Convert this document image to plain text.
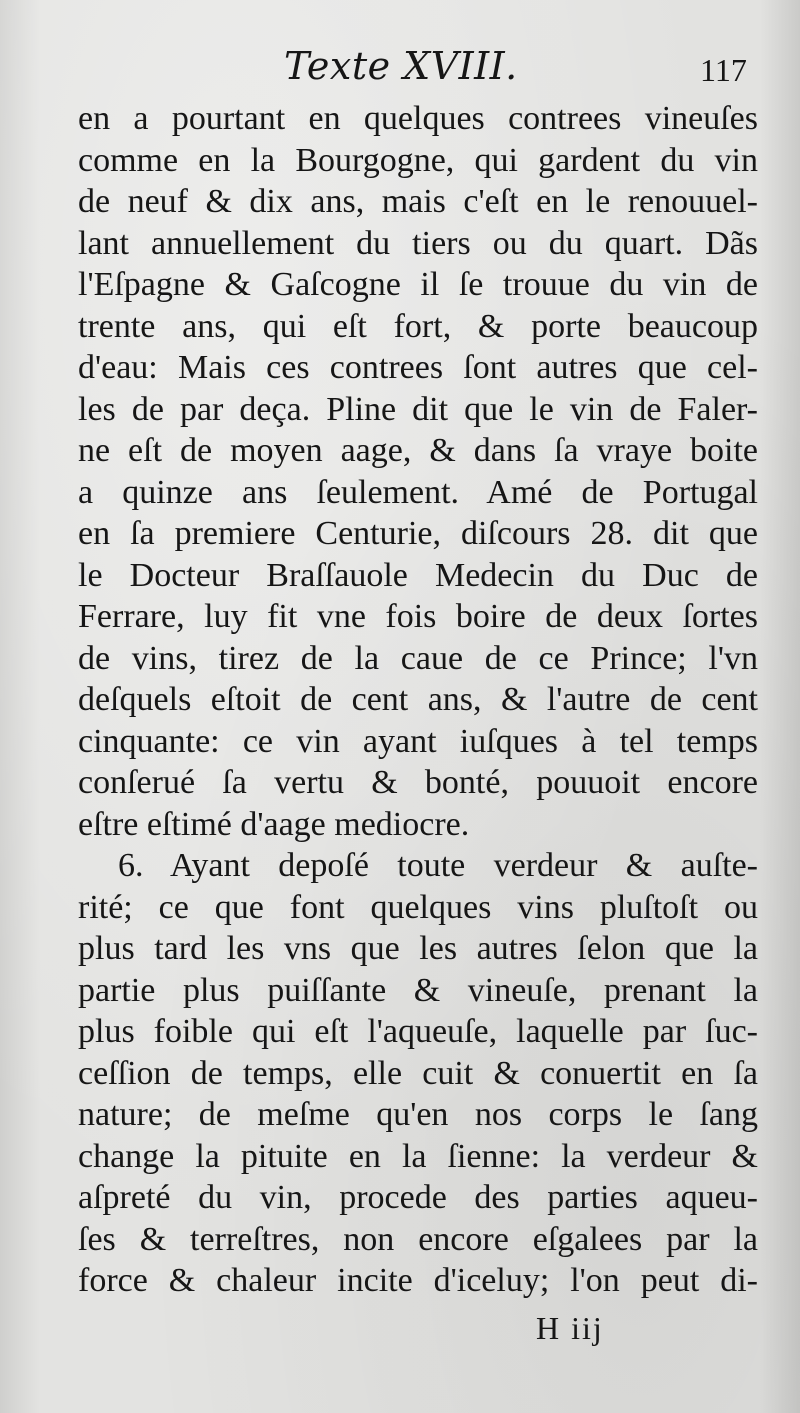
Texte XVIII.	117
en a pourtant en quelques contrees vineuſes
comme en la Bourgogne, qui gardent du vin
de neuf & dix ans, mais c'eſt en le renouuel-
lant annuellement du tiers ou du quart. Dãs
l'Eſpagne & Gaſcogne il ſe trouue du vin de
trente ans, qui eſt fort, & porte beaucoup
d'eau: Mais ces contrees ſont autres que cel-
les de par deça. Pline dit que le vin de Faler-
ne eſt de moyen aage, & dans ſa vraye boite
a quinze ans ſeulement. Amé de Portugal
en ſa premiere Centurie, diſcours 28. dit que
le Docteur Braſſauole Medecin du Duc de
Ferrare, luy fit vne fois boire de deux ſortes
de vins, tirez de la caue de ce Prince; l'vn
deſquels eſtoit de cent ans, & l'autre de cent
cinquante: ce vin ayant iuſques à tel temps
conſerué ſa vertu & bonté, pouuoit encore
eſtre eſtimé d'aage mediocre.
6. Ayant depoſé toute verdeur & auſte-
rité; ce que font quelques vins pluſtoſt ou
plus tard les vns que les autres ſelon que la
partie plus puiſſante & vineuſe, prenant la
plus foible qui eſt l'aqueuſe, laquelle par ſuc-
ceſſion de temps, elle cuit & conuertit en ſa
nature; de meſme qu'en nos corps le ſang
change la pituite en la ſienne: la verdeur &
aſpreté du vin, procede des parties aqueu-
ſes & terreſtres, non encore eſgalees par la
force & chaleur incite d'iceluy; l'on peut di-
H iij
